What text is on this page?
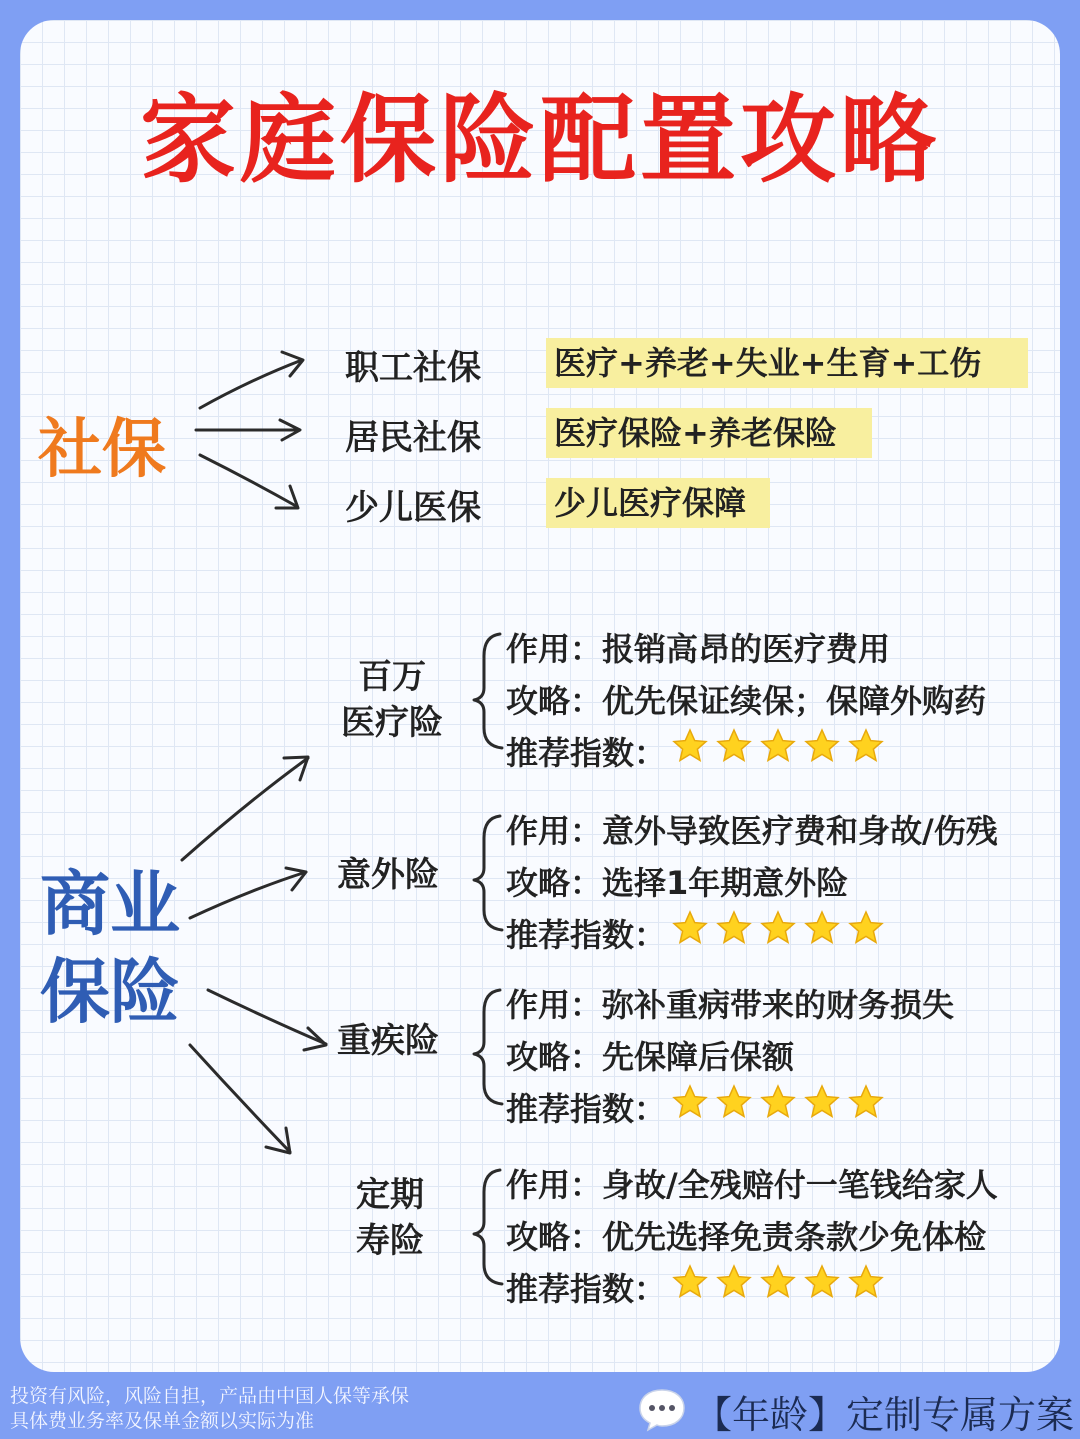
家庭保险配置攻略
社保
职工社保 医疗+养老+失业+生育+工伤
居民社保 医疗保险+养老保险
少儿医保 少儿医疗保障
商业
保险
百万
医疗险
作用：报销高昂的医疗费用
攻略：优先保证续保；保障外购药
推荐指数：
意外险
作用：意外导致医疗费和身故/伤残
攻略：选择1年期意外险
推荐指数：
重疾险
作用：弥补重病带来的财务损失
攻略：先保障后保额
推荐指数：
定期
寿险
作用：身故/全残赔付一笔钱给家人
攻略：优先选择免责条款少免体检
推荐指数：
投资有风险，风险自担，产品由中国人保等承保
具体费业务率及保单金额以实际为准	【年龄】定制专属方案
